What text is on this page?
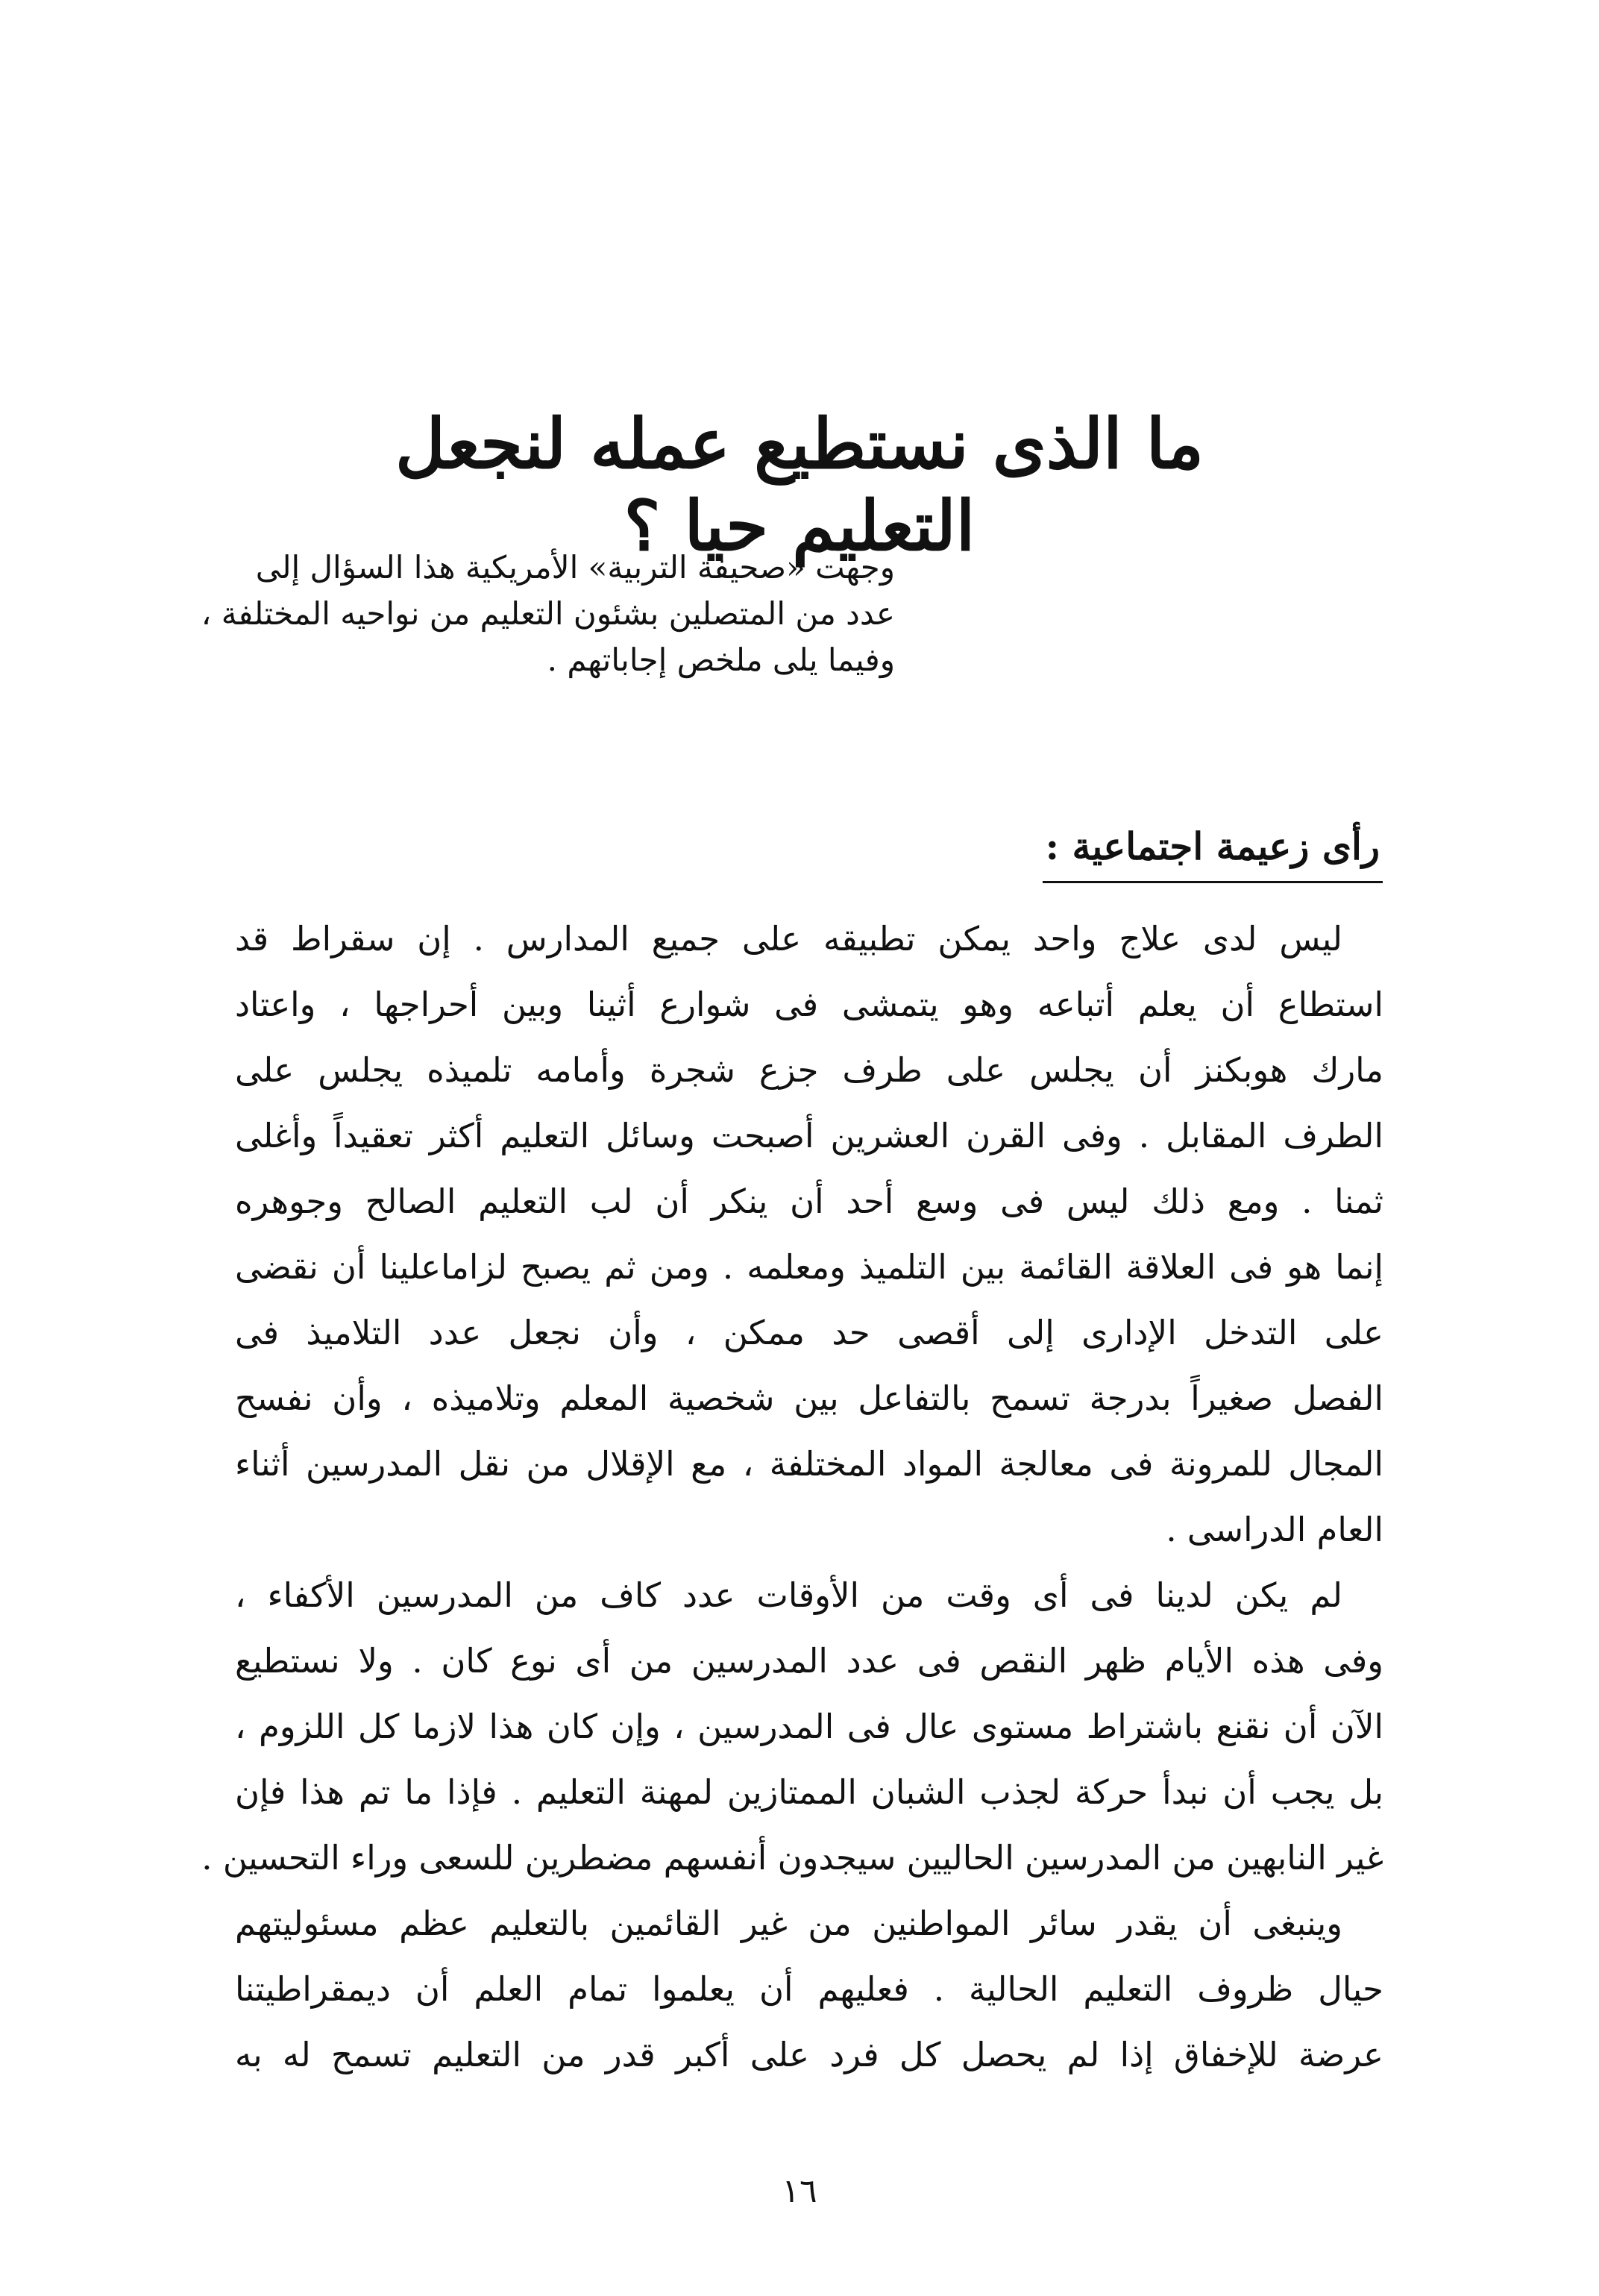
ما الذى نستطيع عمله لنجعل التعليم حيا ؟
وجهت «صحيفة التربية» الأمريكية هذا السؤال إلى
عدد من المتصلين بشئون التعليم من نواحيه المختلفة ،
وفيما يلى ملخص إجاباتهم .
رأى زعيمة اجتماعية :
ليس لدى علاج واحد يمكن تطبيقه على جميع المدارس . إن سقراط قد
استطاع أن يعلم أتباعه وهو يتمشى فى شوارع أثينا وبين أحراجها ، واعتاد
مارك هوبكنز أن يجلس على طرف جزع شجرة وأمامه تلميذه يجلس على
الطرف المقابل . وفى القرن العشرين أصبحت وسائل التعليم أكثر تعقيداً وأغلى
ثمنا . ومع ذلك ليس فى وسع أحد أن ينكر أن لب التعليم الصالح وجوهره
إنما هو فى العلاقة القائمة بين التلميذ ومعلمه . ومن ثم يصبح لزاماعلينا أن نقضى
على التدخل الإدارى إلى أقصى حد ممكن ، وأن نجعل عدد التلاميذ فى
الفصل صغيراً بدرجة تسمح بالتفاعل بين شخصية المعلم وتلاميذه ، وأن نفسح
المجال للمرونة فى معالجة المواد المختلفة ، مع الإقلال من نقل المدرسين أثناء
العام الدراسى .
لم يكن لدينا فى أى وقت من الأوقات عدد كاف من المدرسين الأكفاء ،
وفى هذه الأيام ظهر النقص فى عدد المدرسين من أى نوع كان . ولا نستطيع
الآن أن نقنع باشتراط مستوى عال فى المدرسين ، وإن كان هذا لازما كل اللزوم ،
بل يجب أن نبدأ حركة لجذب الشبان الممتازين لمهنة التعليم . فإذا ما تم هذا فإن
غير النابهين من المدرسين الحاليين سيجدون أنفسهم مضطرين للسعى وراء التحسين .
وينبغى أن يقدر سائر المواطنين من غير القائمين بالتعليم عظم مسئوليتهم
حيال ظروف التعليم الحالية . فعليهم أن يعلموا تمام العلم أن ديمقراطيتنا
عرضة للإخفاق إذا لم يحصل كل فرد على أكبر قدر من التعليم تسمح له به
١٦
